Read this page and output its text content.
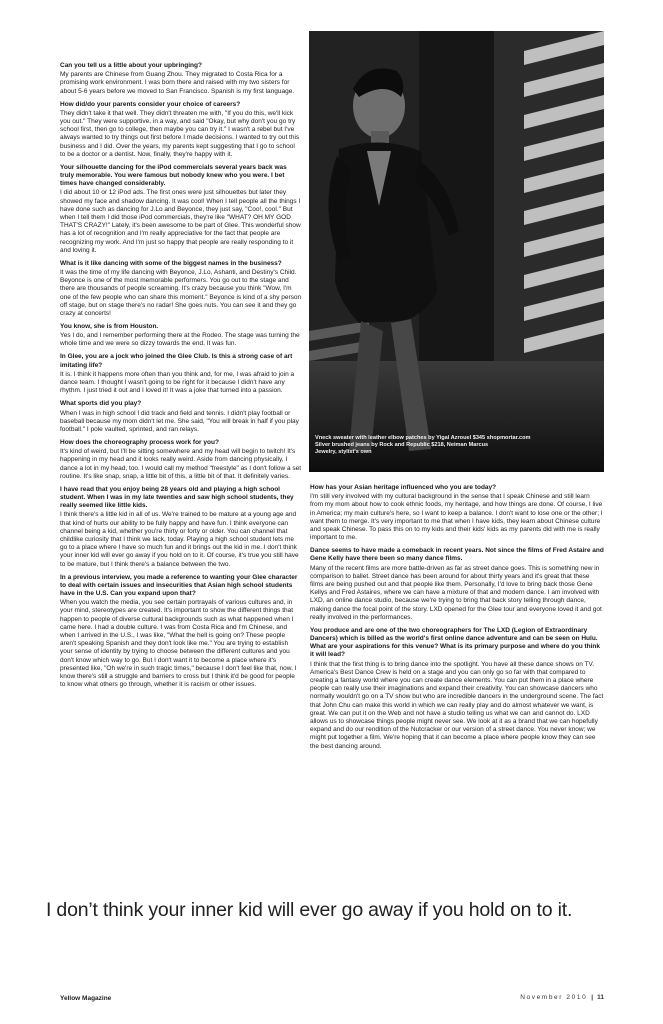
Can you tell us a little about your upbringing?

My parents are Chinese from Guang Zhou. They migrated to Costa Rica for a promising work environment. I was born there and raised with my two sisters for about 5-6 years before we moved to San Francisco. Spanish is my first language.

How did/do your parents consider your choice of careers?

They didn't take it that well. They didn't threaten me with, "If you do this, we'll kick you out." They were supportive, in a way, and said "Okay, but why don't you go try school first, then go to college, then maybe you can try it." I wasn't a rebel but I've always wanted to try things out first before I made decisions. I wanted to try out this business and I did. Over the years, my parents kept suggesting that I go to school to be a doctor or a dentist. Now, finally, they're happy with it.

Your silhouette dancing for the iPod commercials several years back was truly memorable. You were famous but nobody knew who you were. I bet times have changed considerably.

I did about 10 or 12 iPod ads. The first ones were just silhouettes but later they showed my face and shadow dancing. It was cool! When I tell people all the things I have done such as dancing for J.Lo and Beyonce, they just say, "Coo!, cool." But when I tell them I did those iPod commercials, they're like "WHAT? OH MY GOD THAT'S CRAZY!" Lately, it's been awesome to be part of Glee. This wonderful show has a lot of recognition and I'm really appreciative for the fact that people are recognizing my work. And I'm just so happy that people are really responding to it and loving it.

What is it like dancing with some of the biggest names in the business?

It was the time of my life dancing with Beyonce, J.Lo, Ashanti, and Destiny's Child. Beyonce is one of the most memorable performers. You go out to the stage and there are thousands of people screaming. It's crazy because you think "Wow, I'm one of the few people who can share this moment." Beyonce is kind of a shy person off stage, but on stage there's no radar! She goes nuts. You can see it and they go crazy at concerts!

You know, she is from Houston.

Yes I do, and I remember performing there at the Rodeo. The stage was turning the whole time and we were so dizzy towards the end. It was fun.

In Glee, you are a jock who joined the Glee Club. Is this a strong case of art imitating life?

It is. I think it happens more often than you think and, for me, I was afraid to join a dance team. I thought I wasn't going to be right for it because I didn't have any rhythm. I just tried it out and I loved it! It was a joke that turned into a passion.

What sports did you play?

When I was in high school I did track and field and tennis. I didn't play football or baseball because my mom didn't let me. She said, "You will break in half if you play football." I pole vaulted, sprinted, and ran relays.

How does the choreography process work for you?

It's kind of weird, but I'll be sitting somewhere and my head will begin to twitch! It's happening in my head and it looks really weird. Aside from dancing physically, I dance a lot in my head, too. I would call my method "freestyle" as I don't follow a set routine. It's like snap, snap, a little bit of this, a little bit of that. It definitely varies.

I have read that you enjoy being 28 years old and playing a high school student. When I was in my late twenties and saw high school students, they really seemed like little kids.

I think there's a little kid in all of us. We're trained to be mature at a young age and that kind of hurts our ability to be fully happy and have fun. I think everyone can channel being a kid, whether you're thirty or forty or older. You can channel that childlike curiosity that I think we lack, today. Playing a high school student lets me go to a place where I have so much fun and it brings out the kid in me. I don't think your inner kid will ever go away if you hold on to it. Of course, it's true you still have to be mature, but I think there's a balance between the two.

In a previous interview, you made a reference to wanting your Glee character to deal with certain issues and insecurities that Asian high school students have in the U.S. Can you expand upon that?

When you watch the media, you see certain portrayals of various cultures and, in your mind, stereotypes are created. It's important to show the different things that happen to people of diverse cultural backgrounds such as what happened when I came here. I had a double culture. I was from Costa Rica and I'm Chinese, and when I arrived in the U.S., I was like, "What the hell is going on? These people aren't speaking Spanish and they don't look like me." You are trying to establish your sense of identity by trying to choose between the different cultures and you don't know which way to go. But I don't want it to become a place where it's presented like, "Oh we're in such tragic times," because I don't feel like that, now. I know there's still a struggle and barriers to cross but I think it'd be good for people to know what others go through, whether it is racism or other issues.

Vneck sweater with leather elbow patches by Yigal Azrouel $345 shopmortar.com
Silver brushed jeans by Rock and Republic $218, Neiman Marcus
Jewelry, stylist's own

How has your Asian heritage influenced who you are today?

I'm still very involved with my cultural background in the sense that I speak Chinese and still learn from my mom about how to cook ethnic foods, my heritage, and how things are done. Of course, I live in America; my main culture's here, so I want to keep a balance. I don't want to lose one or the other; I want them to merge. It's very important to me that when I have kids, they learn about Chinese culture and speak Chinese. To pass this on to my kids and their kids' kids as my parents did with me is really important to me.

Dance seems to have made a comeback in recent years. Not since the films of Fred Astaire and Gene Kelly have there been so many dance films.

Many of the recent films are more battle-driven as far as street dance goes. This is something new in comparison to ballet. Street dance has been around for about thirty years and it's great that these films are being pushed out and that people like them. Personally, I'd love to bring back those Gene Kellys and Fred Astaires, where we can have a mixture of that and modern dance. I am involved with LXD, an online dance studio, because we're trying to bring that back story telling through dance, making dance the focal point of the story. LXD opened for the Glee tour and everyone loved it and got really involved in the performances.

You produce and are one of the two choreographers for The LXD (Legion of Extraordinary Dancers) which is billed as the world's first online dance adventure and can be seen on Hulu. What are your aspirations for this venue? What is its primary purpose and where do you think it will lead?

I think that the first thing is to bring dance into the spotlight. You have all these dance shows on TV. America's Best Dance Crew is held on a stage and you can only go so far with that compared to creating a fantasy world where you can create dance elements. You can put them in a place where people can really use their imaginations and expand their creativity. You can showcase dancers who normally wouldn't go on a TV show but who are incredible dancers in the underground scene. The fact that John Chu can make this world in which we can really play and do almost whatever we want, is great. We can put it on the Web and not have a studio telling us what we can and cannot do. LXD allows us to showcase things people might never see. We look at it as a brand that we can hopefully expand and do our rendition of the Nutcracker or our version of a street dance. You never know; we might put together a film. We're hoping that it can become a place where people know they can see the best dancing around.

I don’t think your inner kid will ever go away if you hold on to it.
Yellow Magazine	November 2010 | 11
